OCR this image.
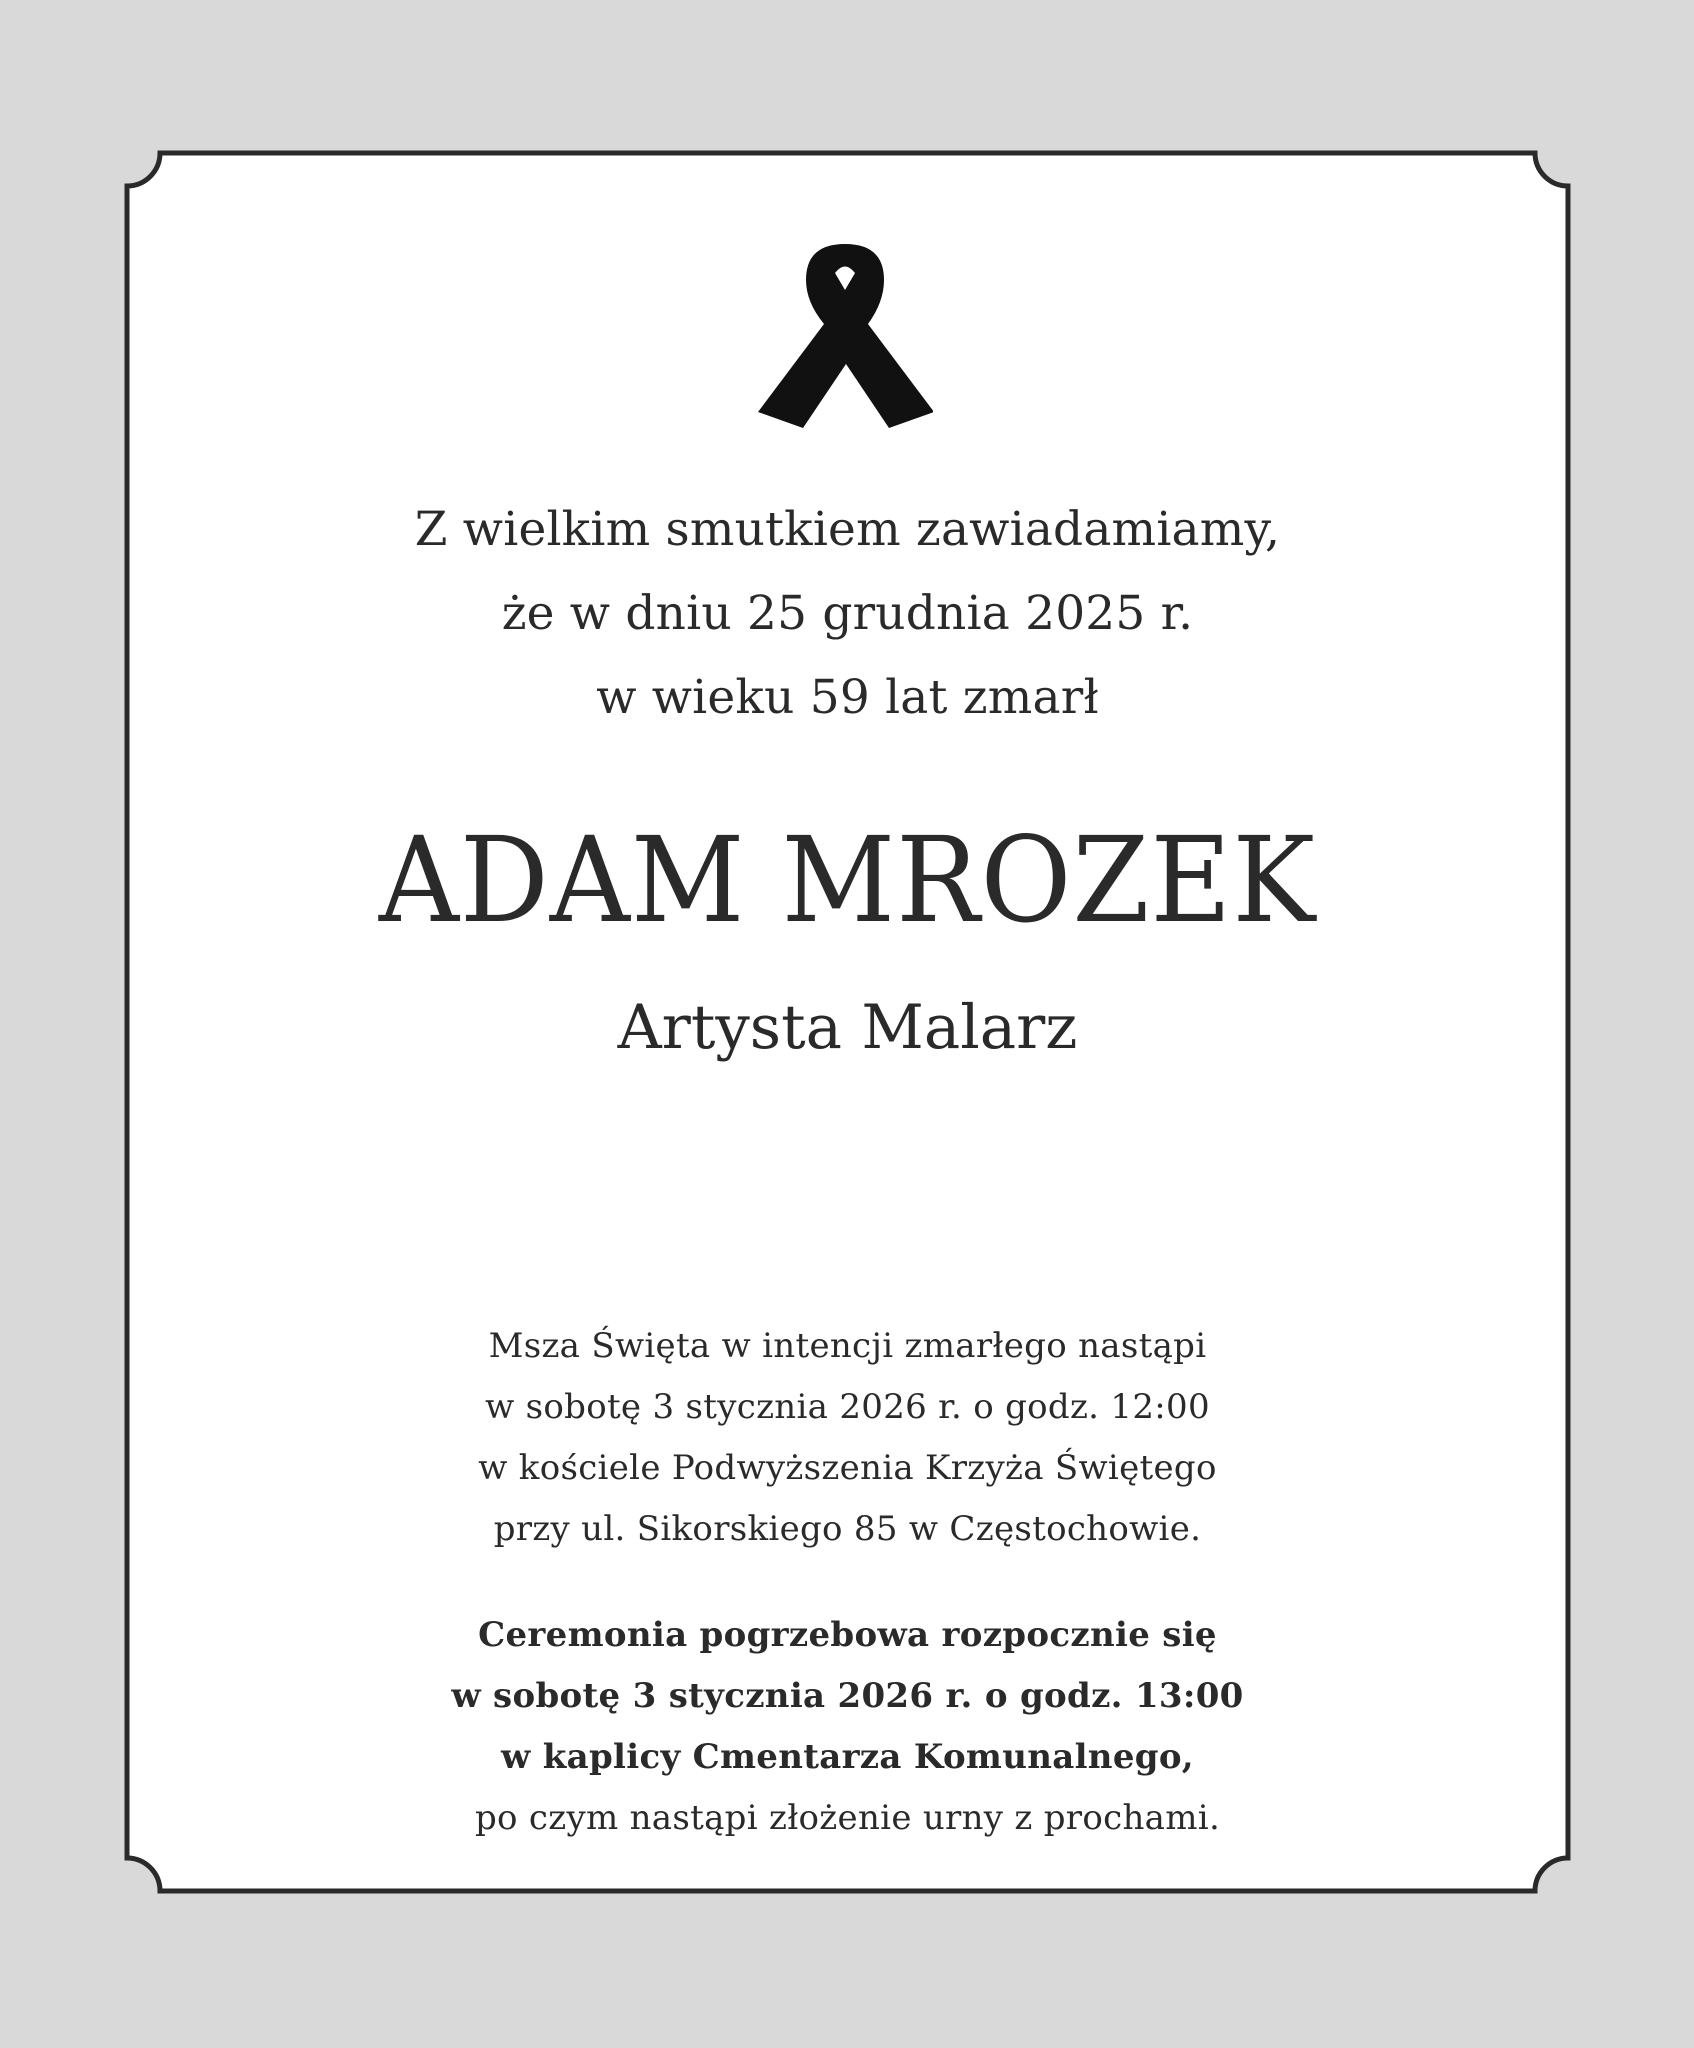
Z wielkim smutkiem zawiadamiamy,
że w dniu 25 grudnia 2025 r.
w wieku 59 lat zmarł
ADAM MROZEK
Artysta Malarz
Msza Święta w intencji zmarłego nastąpi
w sobotę 3 stycznia 2026 r. o godz. 12:00
w kościele Podwyższenia Krzyża Świętego
przy ul. Sikorskiego 85 w Częstochowie.
Ceremonia pogrzebowa rozpocznie się
w sobotę 3 stycznia 2026 r. o godz. 13:00
w kaplicy Cmentarza Komunalnego,
po czym nastąpi złożenie urny z prochami.
